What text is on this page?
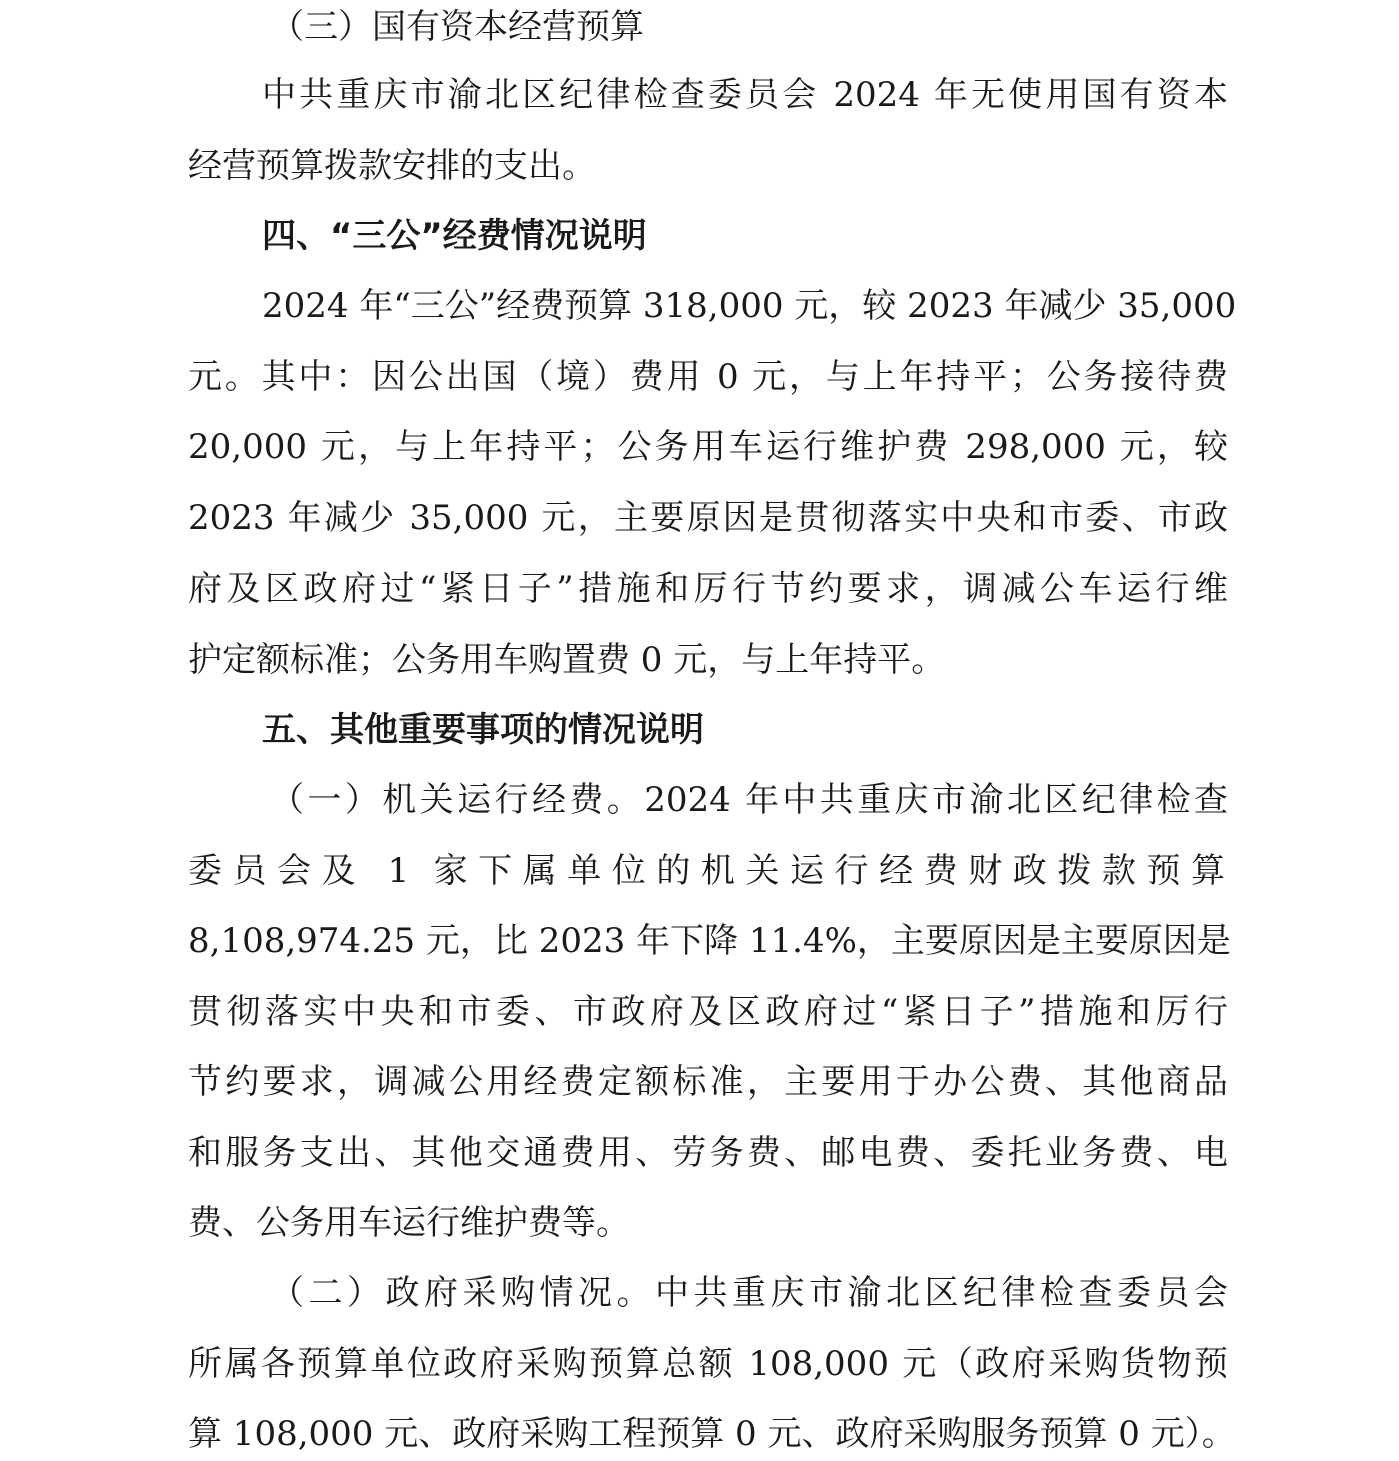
（三）国有资本经营预算
中共重庆市渝北区纪律检查委员会 2024 年无使用国有资本
经营预算拨款安排的支出。
四、“三公”经费情况说明
2024 年“三公”经费预算 318,000 元，较 2023 年减少 35,000
元。其中：因公出国（境）费用 0 元，与上年持平；公务接待费
20,000 元，与上年持平；公务用车运行维护费 298,000 元，较
2023 年减少 35,000 元，主要原因是贯彻落实中央和市委、市政
府及区政府过“紧日子”措施和厉行节约要求，调减公车运行维
护定额标准；公务用车购置费 0 元，与上年持平。
五、其他重要事项的情况说明
（一）机关运行经费。2024 年中共重庆市渝北区纪律检查
委员会及 1 家下属单位的机关运行经费财政拨款预算
8,108,974.25 元，比 2023 年下降 11.4%，主要原因是主要原因是
贯彻落实中央和市委、市政府及区政府过“紧日子”措施和厉行
节约要求，调减公用经费定额标准，主要用于办公费、其他商品
和服务支出、其他交通费用、劳务费、邮电费、委托业务费、电
费、公务用车运行维护费等。
（二）政府采购情况。中共重庆市渝北区纪律检查委员会
所属各预算单位政府采购预算总额 108,000 元（政府采购货物预
算 108,000 元、政府采购工程预算 0 元、政府采购服务预算 0 元）。
